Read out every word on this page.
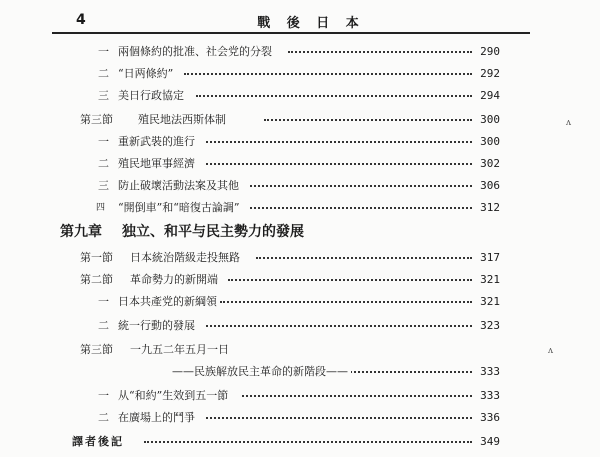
4	戰 後 日 本
一 兩個條約的批准、社会党的分裂	290
二 “日两條約”	292
三 美日行政協定	294
第三節 殖民地法西斯体制	300
一 重新武裝的進行	300
二 殖民地軍事經濟	302
三 防止破壞活動法案及其他	306
四 “開倒車”和“暗復古論調”	312
第九章 独立、和平与民主勢力的發展
第一節 日本統治階級走投無路	317
第二節 革命勢力的新開端	321
一 日本共產党的新綱領	321
二 統一行動的發展	323
第三節 一九五二年五月一日
——民族解放民主革命的新階段——	333
一 从“和約”生效到五一節	333
二 在廣場上的鬥爭	336
譯者後記	349
ʌ
ʌ
